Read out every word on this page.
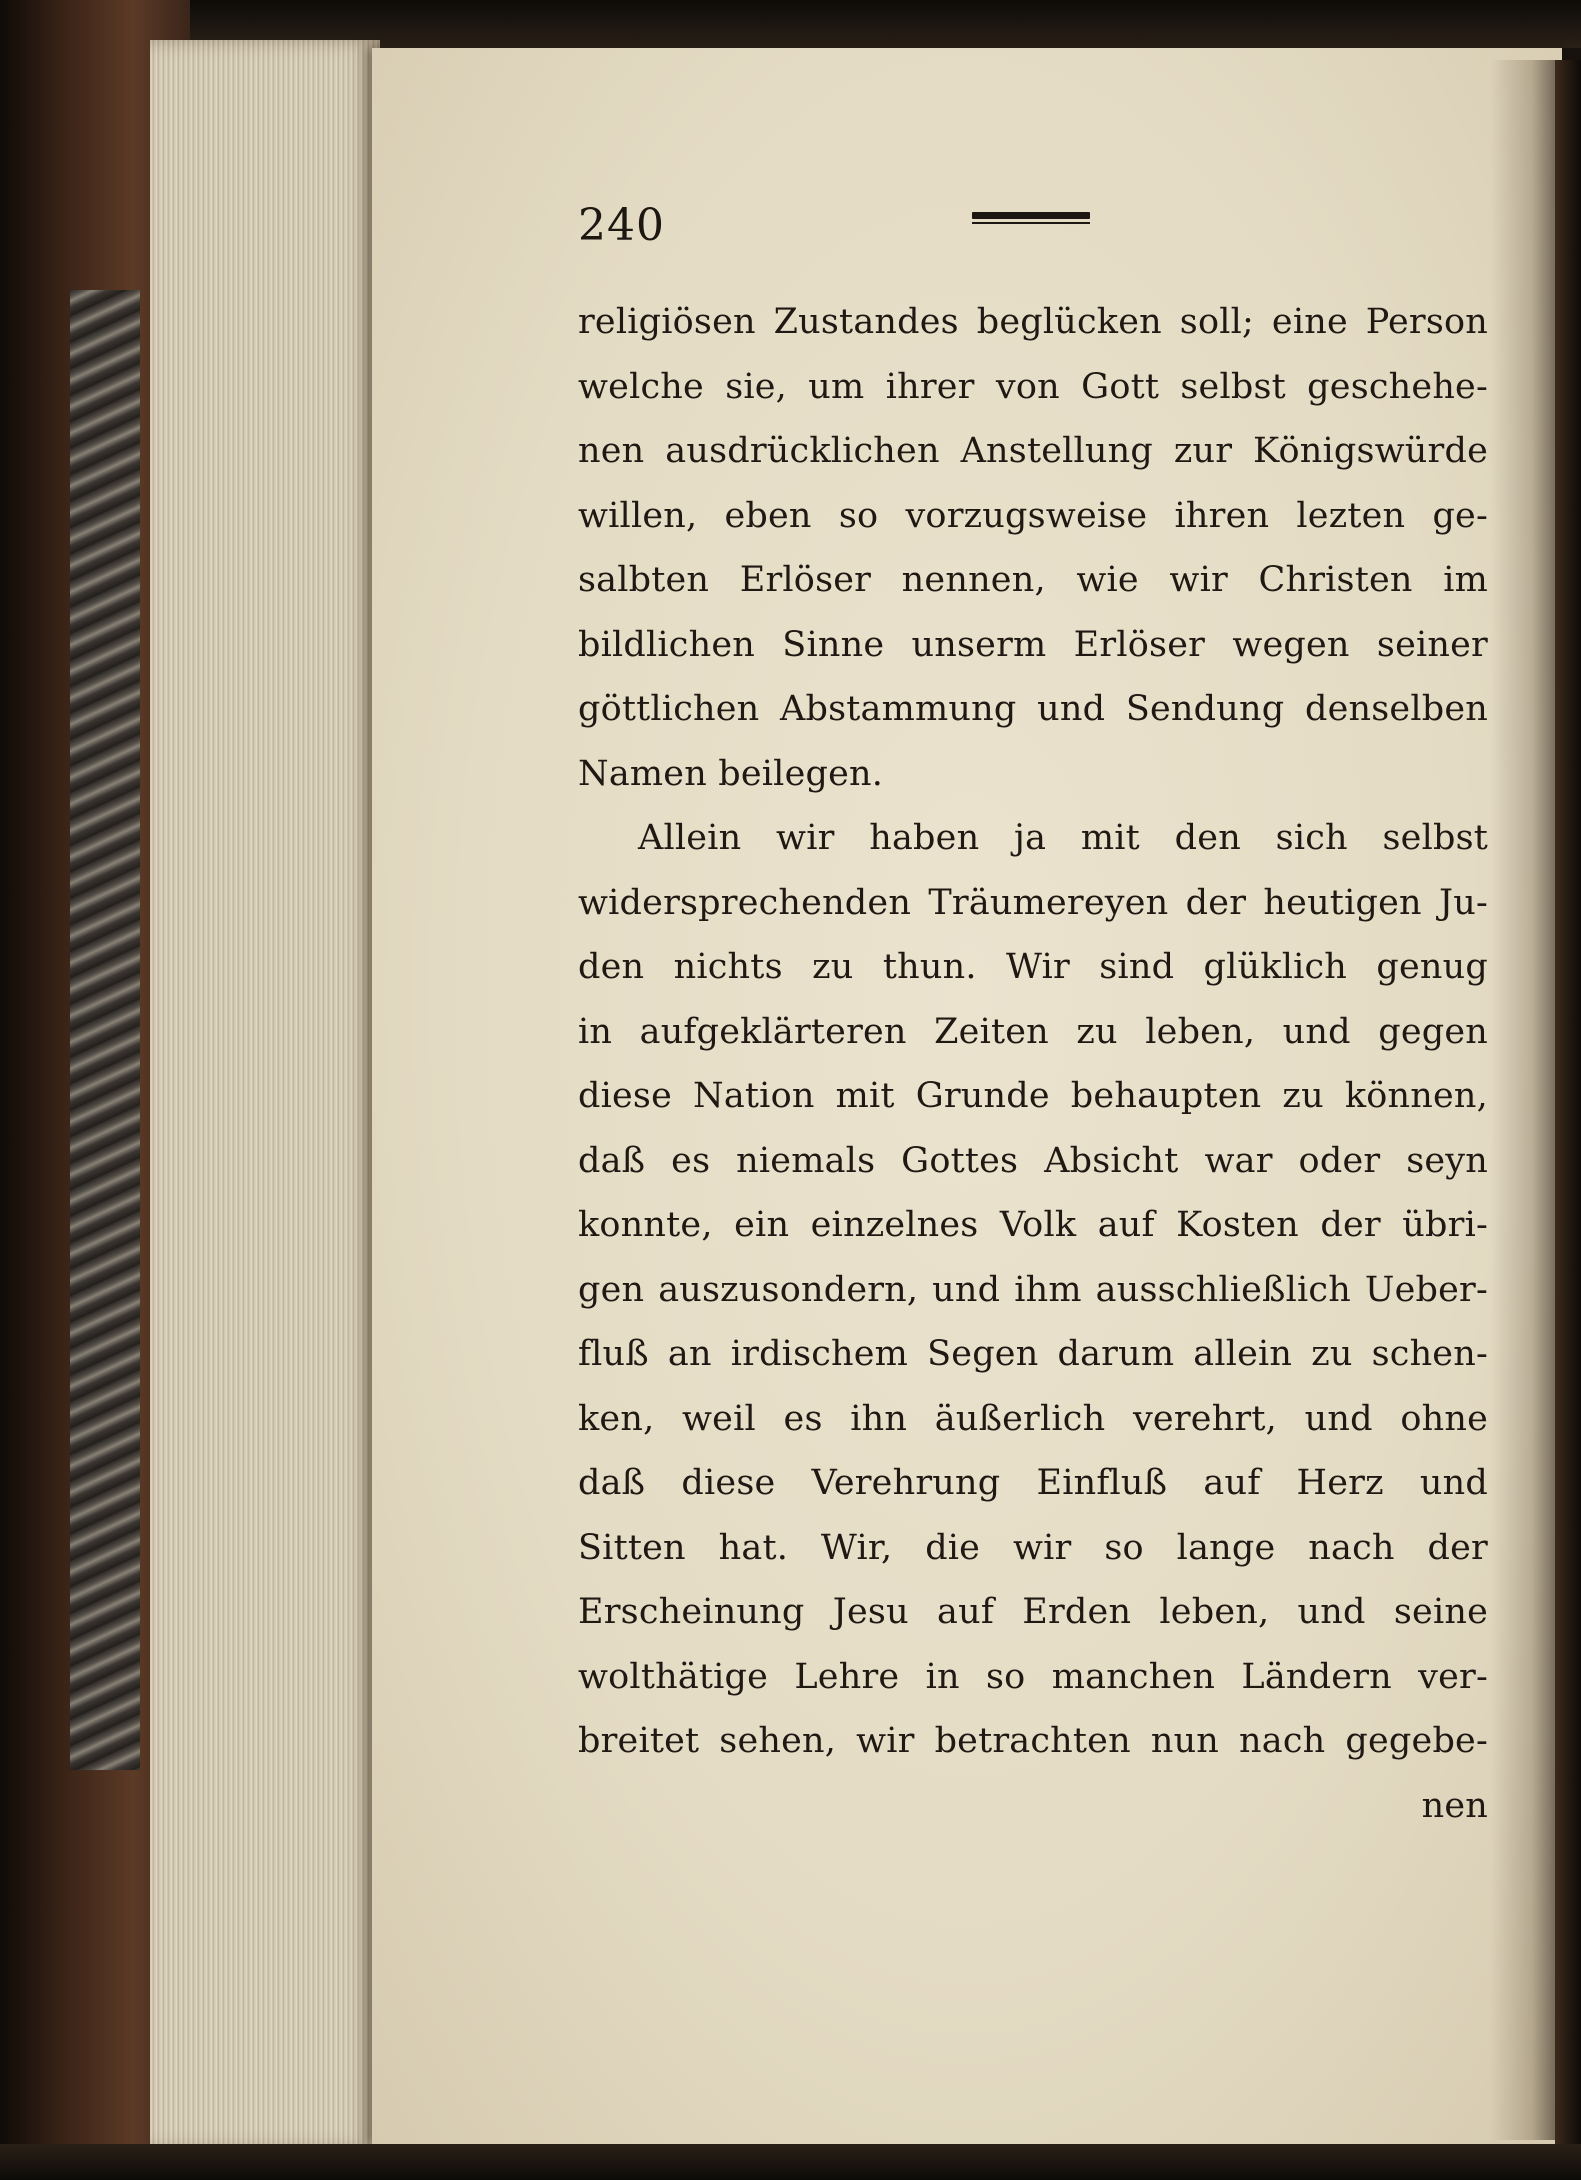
240
religiösen Zustandes beglücken soll; eine Person
welche sie, um ihrer von Gott selbst geschehe-
nen ausdrücklichen Anstellung zur Königswürde
willen, eben so vorzugsweise ihren lezten ge-
salbten Erlöser nennen, wie wir Christen im
bildlichen Sinne unserm Erlöser wegen seiner
göttlichen Abstammung und Sendung denselben
Namen beilegen.
Allein wir haben ja mit den sich selbst
widersprechenden Träumereyen der heutigen Ju-
den nichts zu thun. Wir sind glüklich genug
in aufgeklärteren Zeiten zu leben, und gegen
diese Nation mit Grunde behaupten zu können,
daß es niemals Gottes Absicht war oder seyn
konnte, ein einzelnes Volk auf Kosten der übri-
gen auszusondern, und ihm ausschließlich Ueber-
fluß an irdischem Segen darum allein zu schen-
ken, weil es ihn äußerlich verehrt, und ohne
daß diese Verehrung Einfluß auf Herz und
Sitten hat. Wir, die wir so lange nach der
Erscheinung Jesu auf Erden leben, und seine
wolthätige Lehre in so manchen Ländern ver-
breitet sehen, wir betrachten nun nach gegebe-
nen
